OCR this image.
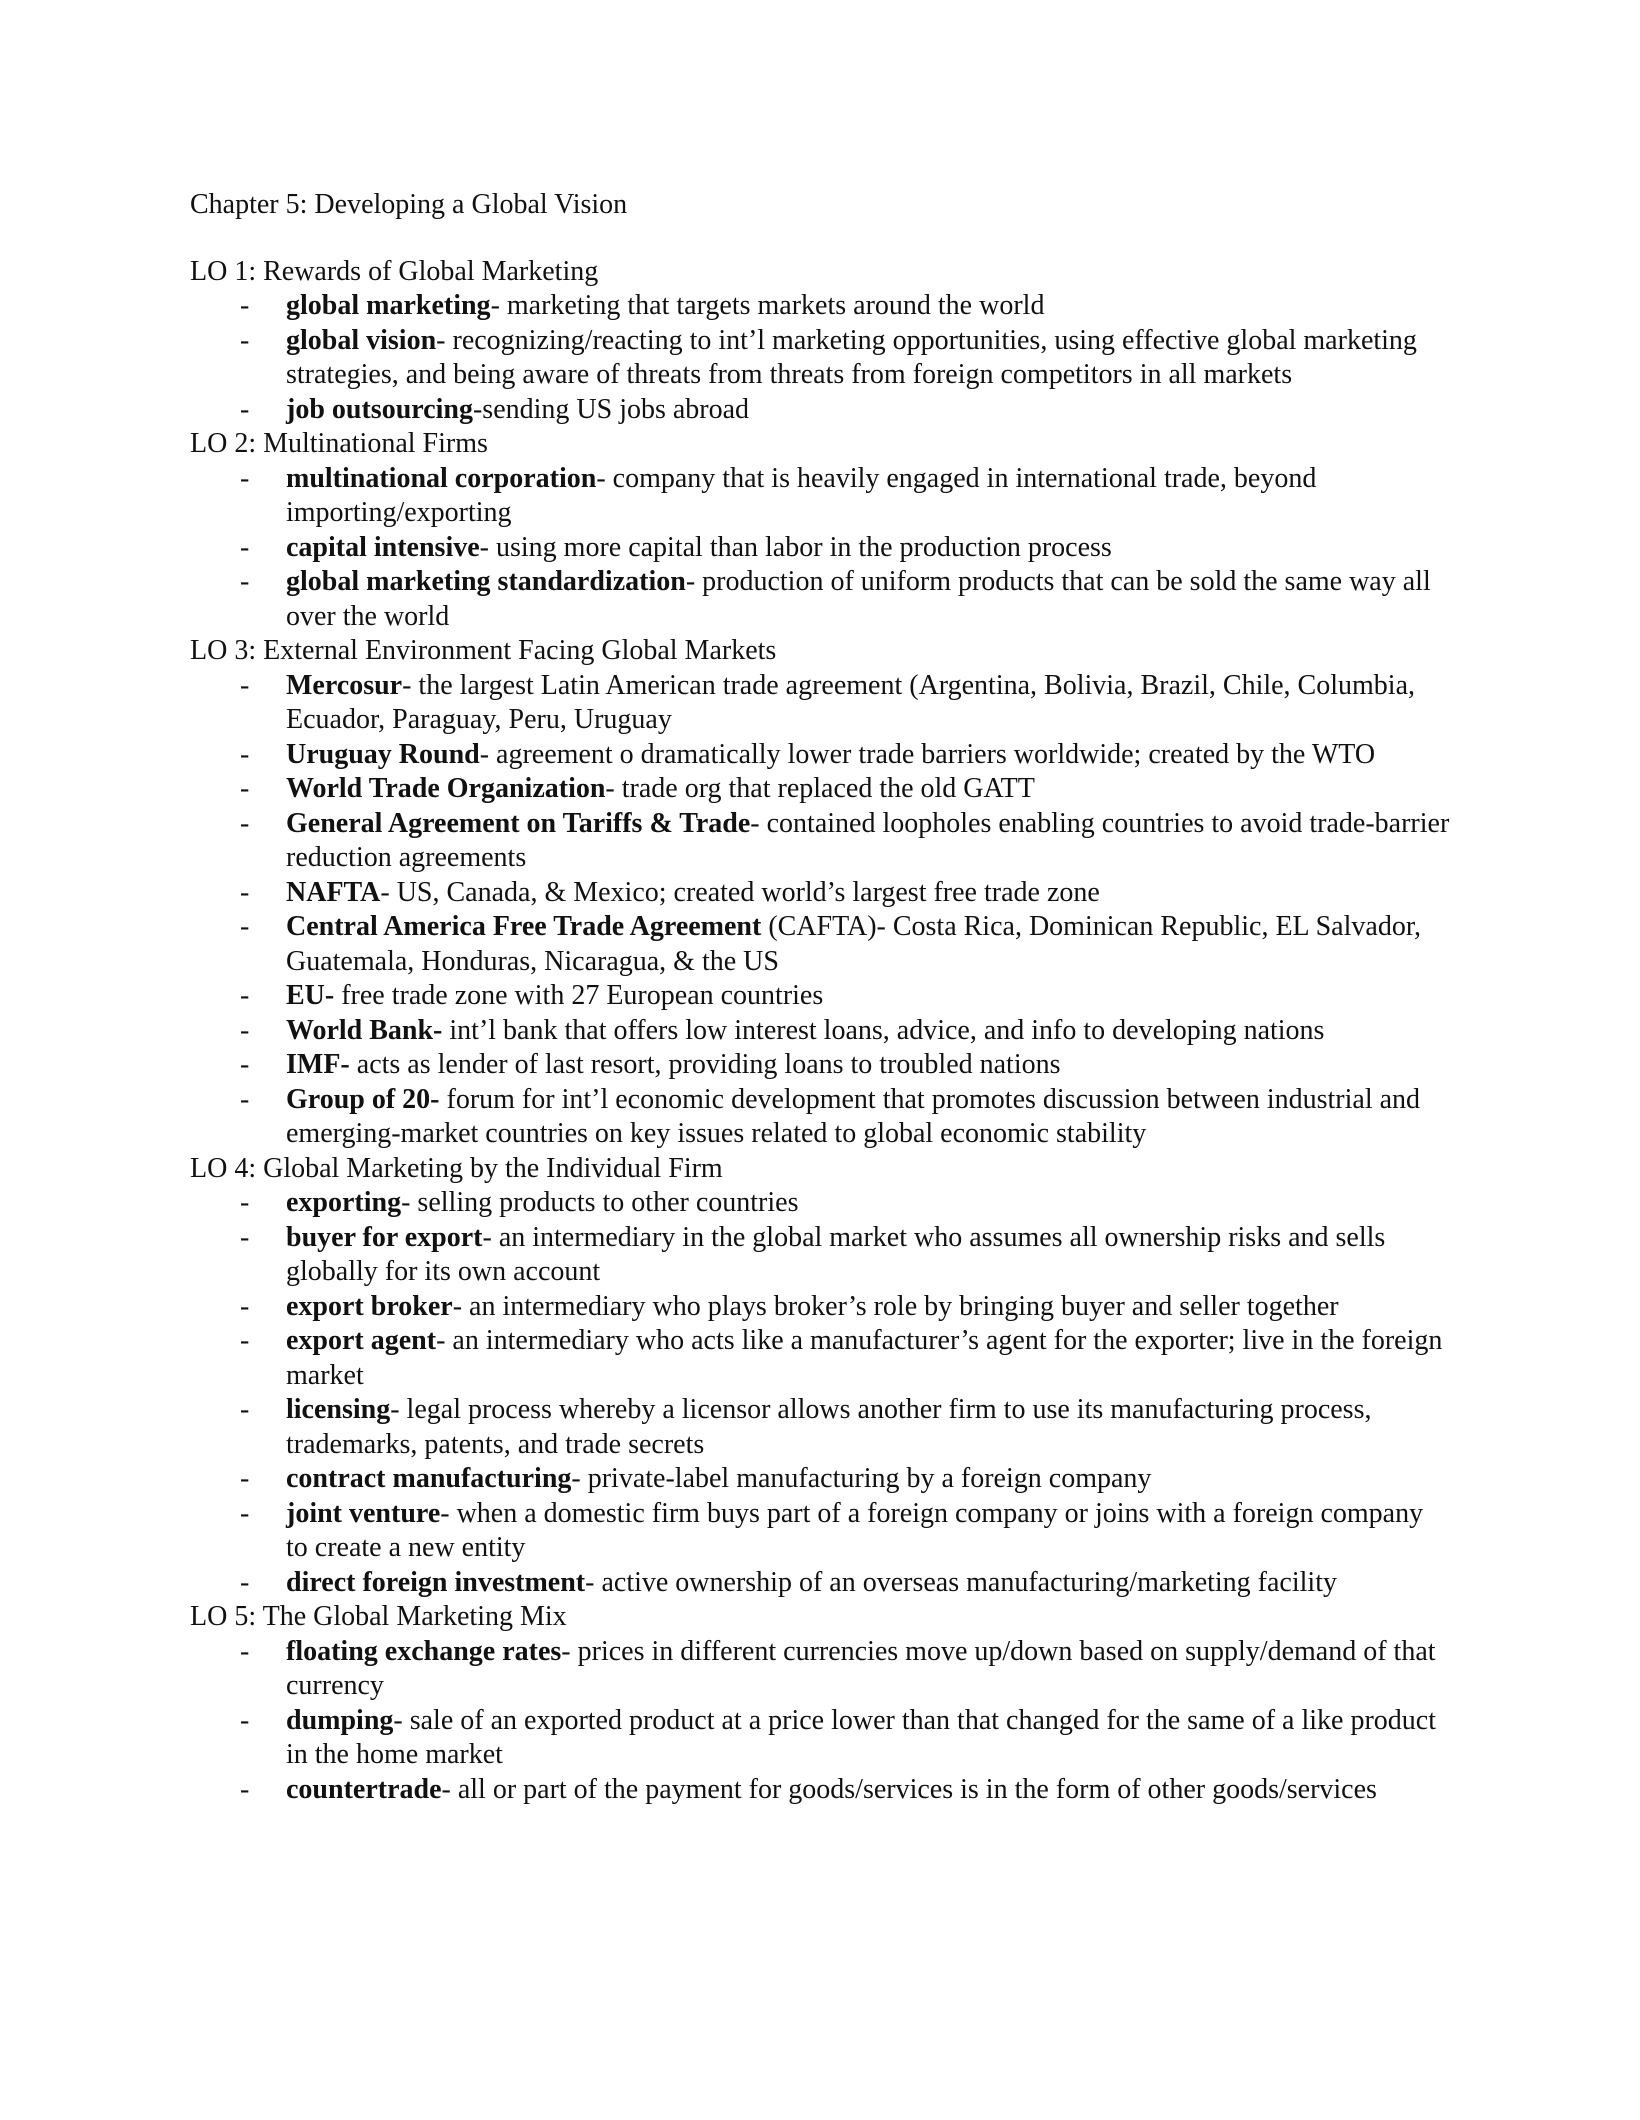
Chapter 5: Developing a Global Vision
LO 1: Rewards of Global Marketing
- global marketing- marketing that targets markets around the world
- global vision- recognizing/reacting to int’l marketing opportunities, using effective global marketing strategies, and being aware of threats from threats from foreign competitors in all markets
- job outsourcing-sending US jobs abroad
LO 2: Multinational Firms
- multinational corporation- company that is heavily engaged in international trade, beyond importing/exporting
- capital intensive- using more capital than labor in the production process
- global marketing standardization- production of uniform products that can be sold the same way all over the world
LO 3: External Environment Facing Global Markets
- Mercosur- the largest Latin American trade agreement (Argentina, Bolivia, Brazil, Chile, Columbia, Ecuador, Paraguay, Peru, Uruguay
- Uruguay Round- agreement o dramatically lower trade barriers worldwide; created by the WTO
- World Trade Organization- trade org that replaced the old GATT
- General Agreement on Tariffs & Trade- contained loopholes enabling countries to avoid trade-barrier reduction agreements
- NAFTA- US, Canada, & Mexico; created world’s largest free trade zone
- Central America Free Trade Agreement (CAFTA)- Costa Rica, Dominican Republic, EL Salvador, Guatemala, Honduras, Nicaragua, & the US
- EU- free trade zone with 27 European countries
- World Bank- int’l bank that offers low interest loans, advice, and info to developing nations
- IMF- acts as lender of last resort, providing loans to troubled nations
- Group of 20- forum for int’l economic development that promotes discussion between industrial and emerging-market countries on key issues related to global economic stability
LO 4: Global Marketing by the Individual Firm
- exporting- selling products to other countries
- buyer for export- an intermediary in the global market who assumes all ownership risks and sells globally for its own account
- export broker- an intermediary who plays broker’s role by bringing buyer and seller together
- export agent- an intermediary who acts like a manufacturer’s agent for the exporter; live in the foreign market
- licensing- legal process whereby a licensor allows another firm to use its manufacturing process, trademarks, patents, and trade secrets
- contract manufacturing- private-label manufacturing by a foreign company
- joint venture- when a domestic firm buys part of a foreign company or joins with a foreign company to create a new entity
- direct foreign investment- active ownership of an overseas manufacturing/marketing facility
LO 5: The Global Marketing Mix
- floating exchange rates- prices in different currencies move up/down based on supply/demand of that currency
- dumping- sale of an exported product at a price lower than that changed for the same of a like product in the home market
- countertrade- all or part of the payment for goods/services is in the form of other goods/services
